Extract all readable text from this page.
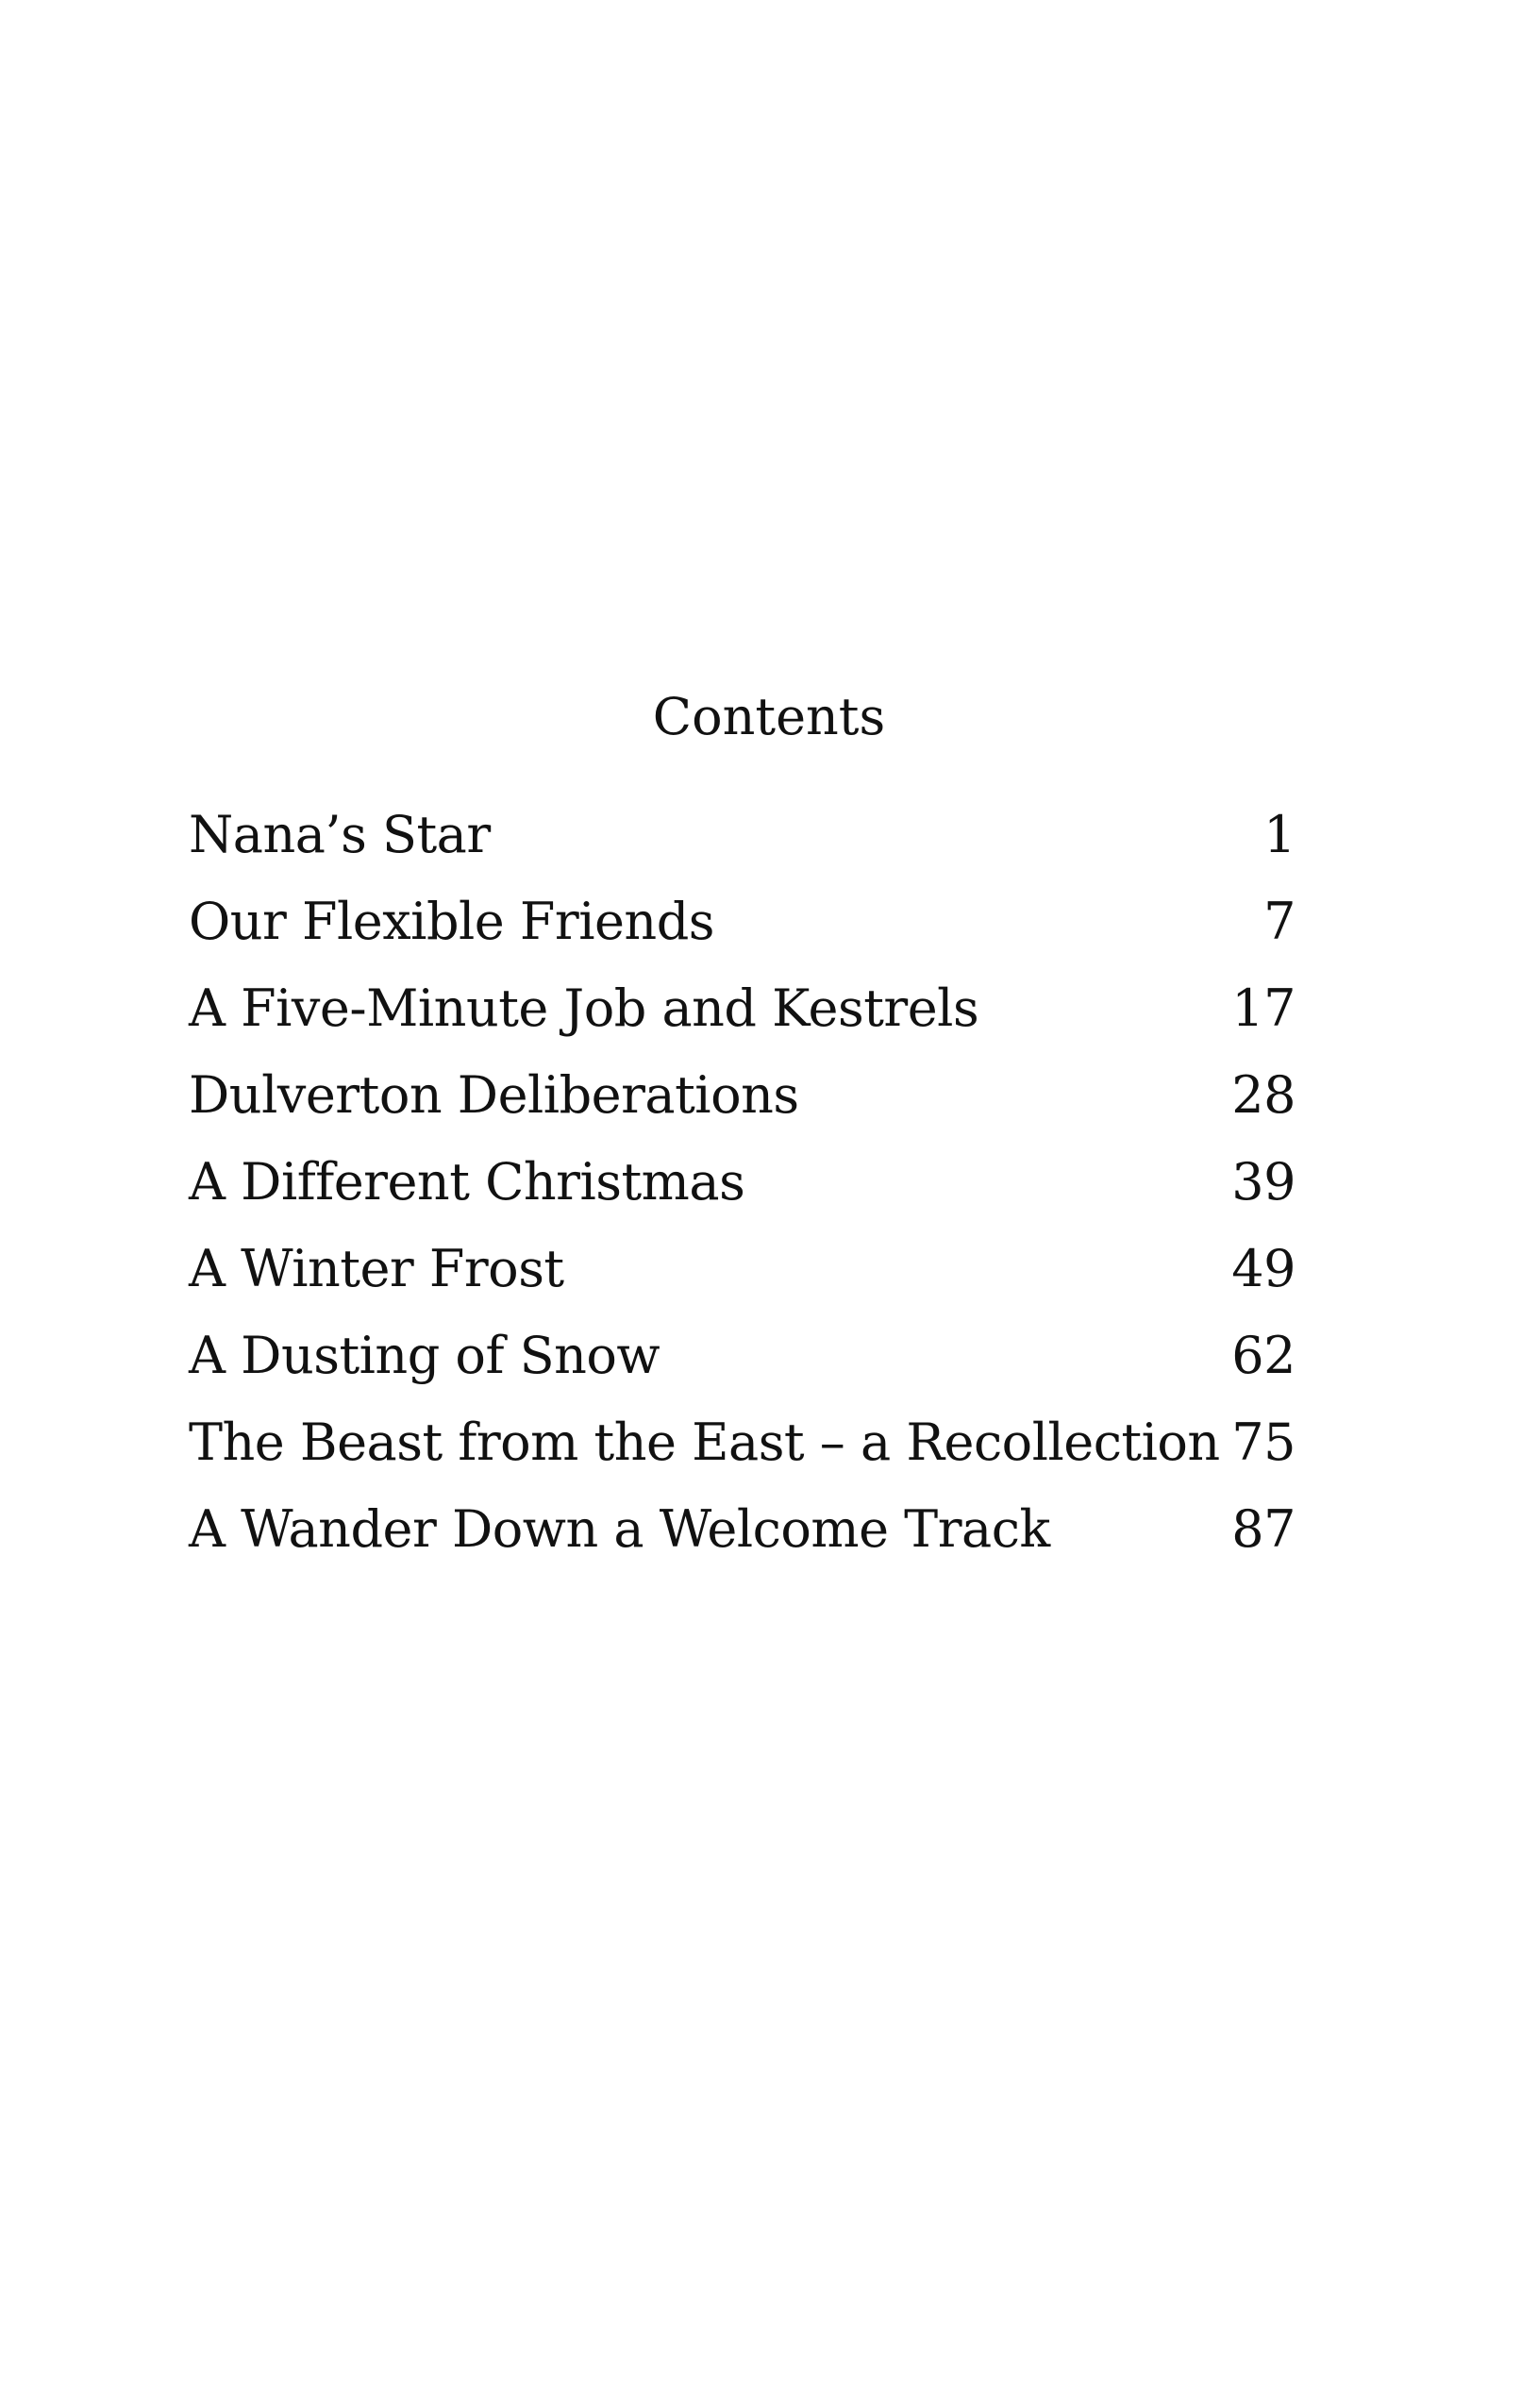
Contents
Nana’s Star	1
Our Flexible Friends	7
A Five-Minute Job and Kestrels	17
Dulverton Deliberations	28
A Different Christmas	39
A Winter Frost	49
A Dusting of Snow	62
The Beast from the East – a Recollection 75
A Wander Down a Welcome Track	87
